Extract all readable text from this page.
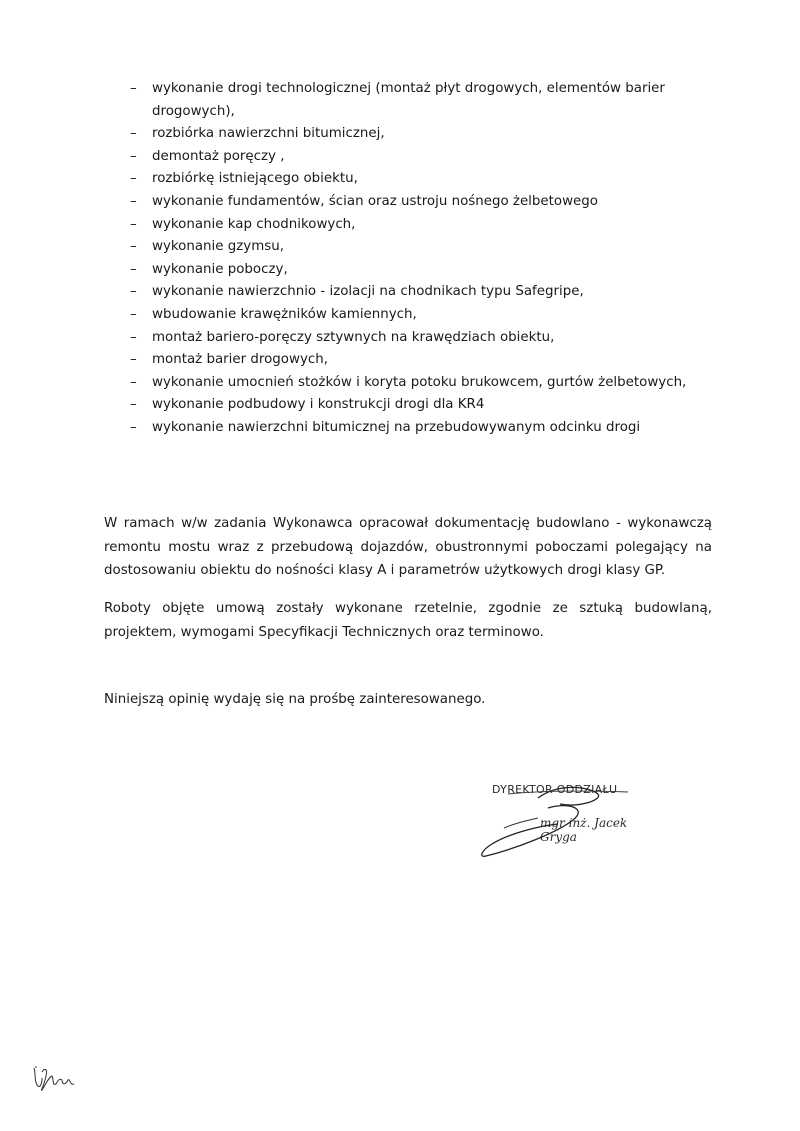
– wykonanie drogi technologicznej (montaż płyt drogowych, elementów barier drogowych),
– rozbiórka nawierzchni bitumicznej,
– demontaż poręczy ,
– rozbiórkę istniejącego obiektu,
– wykonanie fundamentów, ścian oraz ustroju nośnego żelbetowego
– wykonanie kap chodnikowych,
– wykonanie gzymsu,
– wykonanie poboczy,
– wykonanie nawierzchnio - izolacji na chodnikach typu Safegripe,
– wbudowanie krawężników kamiennych,
– montaż bariero-poręczy sztywnych na krawędziach obiektu,
– montaż barier drogowych,
– wykonanie umocnień stożków i koryta potoku brukowcem, gurtów żelbetowych,
– wykonanie podbudowy i konstrukcji drogi dla KR4
– wykonanie nawierzchni bitumicznej na przebudowywanym odcinku drogi

W ramach w/w zadania Wykonawca opracował dokumentację budowlano - wykonawczą remontu mostu wraz z przebudową dojazdów, obustronnymi poboczami polegający na dostosowaniu obiektu do nośności klasy A i parametrów użytkowych drogi klasy GP.

Roboty objęte umową zostały wykonane rzetelnie, zgodnie ze sztuką budowlaną, projektem, wymogami Specyfikacji Technicznych oraz terminowo.

Niniejszą opinię wydaję się na prośbę zainteresowanego.

DYREKTOR ODDZIAŁU
mgr inż. Jacek Gryga
